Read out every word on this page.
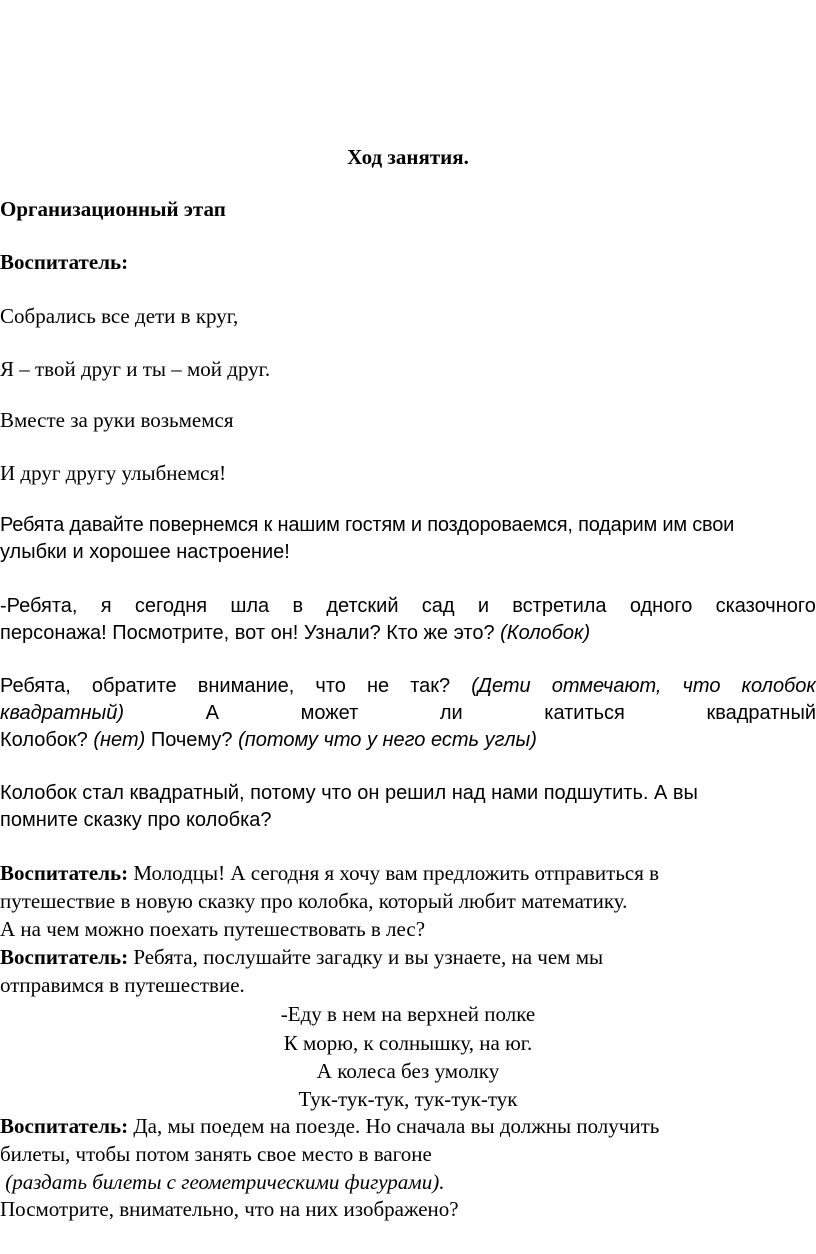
Ход занятия.
Организационный этап
Воспитатель:
Собрались все дети в круг,
Я – твой друг и ты – мой друг.
Вместе за руки возьмемся
И друг другу улыбнемся!
Ребята давайте повернемся к нашим гостям и поздороваемся, подарим им свои
улыбки и хорошее настроение!
-Ребята, я сегодня шла в детский сад и встретила одного сказочного
персонажа! Посмотрите, вот он! Узнали? Кто же это? (Колобок)
Ребята, обратите внимание, что не так? (Дети отмечают, что колобок
квадратный)	А	может	ли	катиться	квадратный
Колобок? (нет) Почему? (потому что у него есть углы)
Колобок стал квадратный, потому что он решил над нами подшутить. А вы
помните сказку про колобка?
Воспитатель: Молодцы! А сегодня я хочу вам предложить отправиться в
путешествие в новую сказку про колобка, который любит математику.
А на чем можно поехать путешествовать в лес?
Воспитатель: Ребята, послушайте загадку и вы узнаете, на чем мы
отправимся в путешествие.
-Еду в нем на верхней полке
К морю, к солнышку, на юг.
А колеса без умолку
Тук-тук-тук, тук-тук-тук
Воспитатель: Да, мы поедем на поезде. Но сначала вы должны получить
билеты, чтобы потом занять свое место в вагоне
(раздать билеты с геометрическими фигурами).
Посмотрите, внимательно, что на них изображено?
